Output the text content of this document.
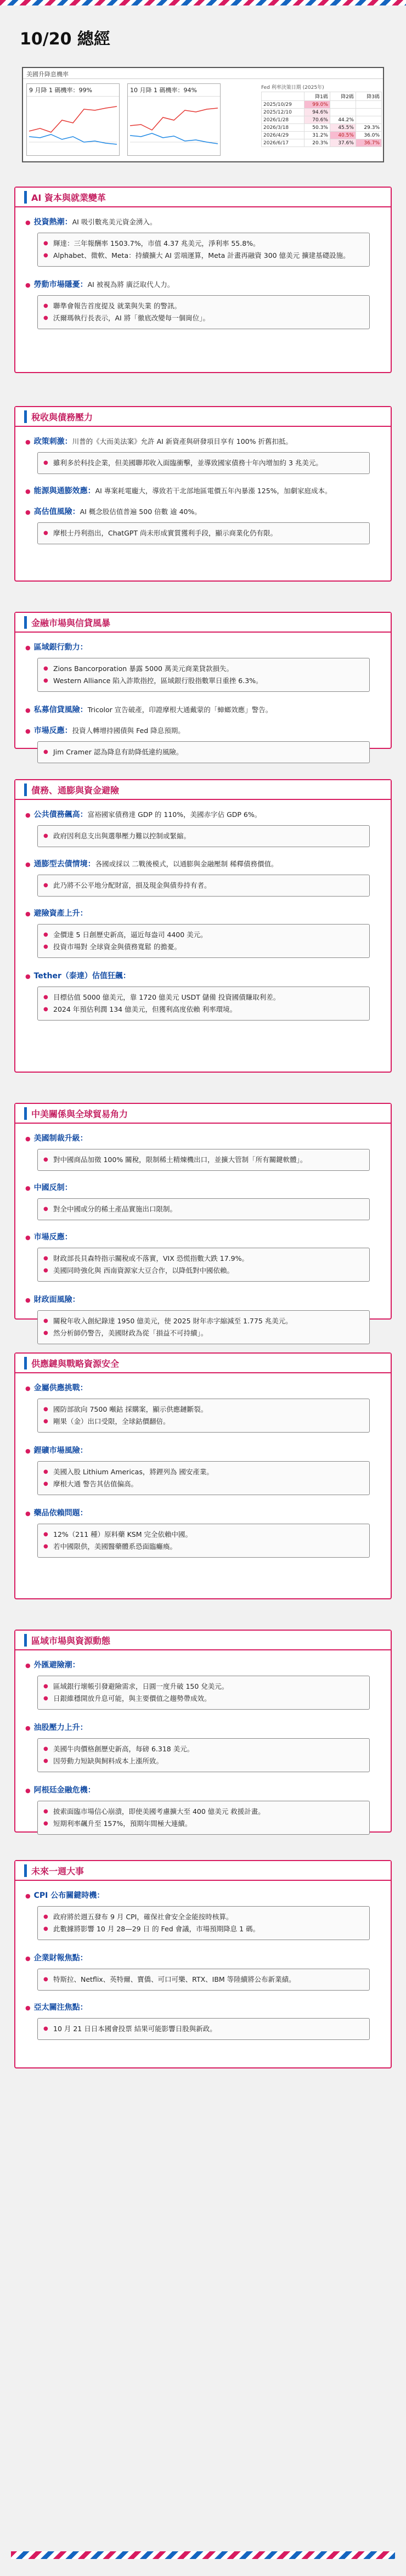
10/20 總經
美國升降息機率
9 月降 1 碼機率：99%	10 月降 1 碼機率：94%	Fed 利率決策日期 (2025年)
	降1碼	降2碼	降3碼
2025/10/29	99.0%		
2025/12/10	94.6%		
2026/1/28	70.6%	44.2%	
2026/3/18	50.3%	45.5%	29.3%
2026/4/29	31.2%	40.5%	36.0%
2026/6/17	20.3%	37.6%	36.7%
AI 資本與就業變革
● 投資熱潮：AI 吸引數兆美元資金湧入。
● 輝達：三年報酬率 1503.7%，市值 4.37 兆美元，淨利率 55.8%。
● Alphabet、微軟、Meta：持續擴大 AI 雲端運算，Meta 計畫再融資 300 億美元 擴建基礎設施。
● 勞動市場隱憂：AI 被視為將 廣泛取代人力。
● 聯準會報告首度提及 就業與失業 的警訊。
● 沃爾瑪執行長表示，AI 將「徹底改變每一個崗位」。
稅收與債務壓力
● 政策刺激：川普的《大而美法案》允許 AI 新資產與研發項目享有 100% 折舊扣抵。
● 雖利多於科技企業，但美國聯邦收入面臨衝擊，並導致國家債務十年內增加約 3 兆美元。
● 能源與通膨效應：AI 專案耗電龐大，導致若干北部地區電價五年內暴漲 125%，加劇家庭成本。
● 高估值風險：AI 概念股估值普遍 500 倍數 逾 40%。
● 摩根士丹利指出，ChatGPT 尚未形成實質獲利手段，顯示商業化仍有限。
金融市場與信貸風暴
● 區域銀行動力：
● Zions Bancorporation 暴露 5000 萬美元商業貸款損失。
● Western Alliance 陷入詐欺指控，區域銀行股指數單日重挫 6.3%。
● 私募信貸風險：Tricolor 宣告破產，印證摩根大通戴蒙的「蟑螂效應」警告。
● 市場反應：投資人轉增持國債與 Fed 降息預期。
● Jim Cramer 認為降息有助降低違約風險。
債務、通膨與資金避險
● 公共債務飆高：富裕國家債務達 GDP 的 110%，美國赤字佔 GDP 6%。
● 政府因利息支出與選舉壓力難以控制或緊縮。
● 通膨型去債情境：各國或採以 二戰後模式，以通膨與金融壓制 稀釋債務價值。
● 此乃將不公平地分配財富，損及現金與債券持有者。
● 避險資產上升：
● 金價達 5 日創歷史新高，逼近每盎司 4400 美元。
● 投資市場對 全球資金與債務寬鬆 的擔憂。
● Tether（泰達）估值狂飆：
● 目標估值 5000 億美元，靠 1720 億美元 USDT 儲備 投資國債賺取利差。
● 2024 年預估利潤 134 億美元，但獲利高度依賴 利率環境。
中美關係與全球貿易角力
● 美國制裁升級：
● 對中國商品加徵 100% 關稅，限制稀土精煉機出口，並擴大管制「所有關鍵軟體」。
● 中國反制：
● 對全中國或分的稀土產品實施出口限制。
● 市場反應：
● 財政部長貝森特指示關稅或不落實，VIX 恐慌指數大跌 17.9%。
● 美國同時強化與 西南資源家大豆合作，以降低對中國依賴。
● 財政面風險：
● 關稅年收入創紀錄達 1950 億美元，使 2025 財年赤字縮減至 1.775 兆美元。
● 然分析師仍警告，美國財政為從「損益不可持續」。
供應鏈與戰略資源安全
● 金屬供應挑戰：
● 國防部欲向 7500 噸鈷 採購案，顯示供應鏈斷裂。
● 剛果（金）出口受限，全球鈷價翻倍。
● 鋰礦市場風險：
● 美國入股 Lithium Americas，將鋰列為 國安產業。
● 摩根大通 警告其估值偏高。
● 藥品依賴問題：
● 12%（211 種）原料藥 KSM 完全依賴中國。
● 若中國限供，美國醫藥體系恐面臨癱瘓。
區域市場與資源動態
● 外匯避險潮：
● 區域銀行壞帳引發避險需求，日圓一度升破 150 兌美元。
● 日銀維穩開放升息可能，與主要價值之趨勢帶成效。
● 油股壓力上升：
● 美國牛肉價格創歷史新高，每磅 6.318 美元。
● 因勞動力短缺與飼料成本上漲所致。
● 阿根廷金融危機：
● 披索面臨市場信心崩潰，即使美國考慮擴大至 400 億美元 救援計畫。
● 短期利率飆升至 157%，預期年間極大連續。
未來一週大事
● CPI 公布關鍵時機：
● 政府將於週五發布 9 月 CPI，確保社會安全金能按時核算。
● 此數據將影響 10 月 28—29 日 的 Fed 會議，市場預期降息 1 碼。
● 企業財報焦點：
● 特斯拉、Netflix、英特爾、寶僑、可口可樂、RTX、IBM 等陸續將公布新業績。
● 亞太關注焦點：
● 10 月 21 日日本國會投票 結果可能影響日股與新政。
